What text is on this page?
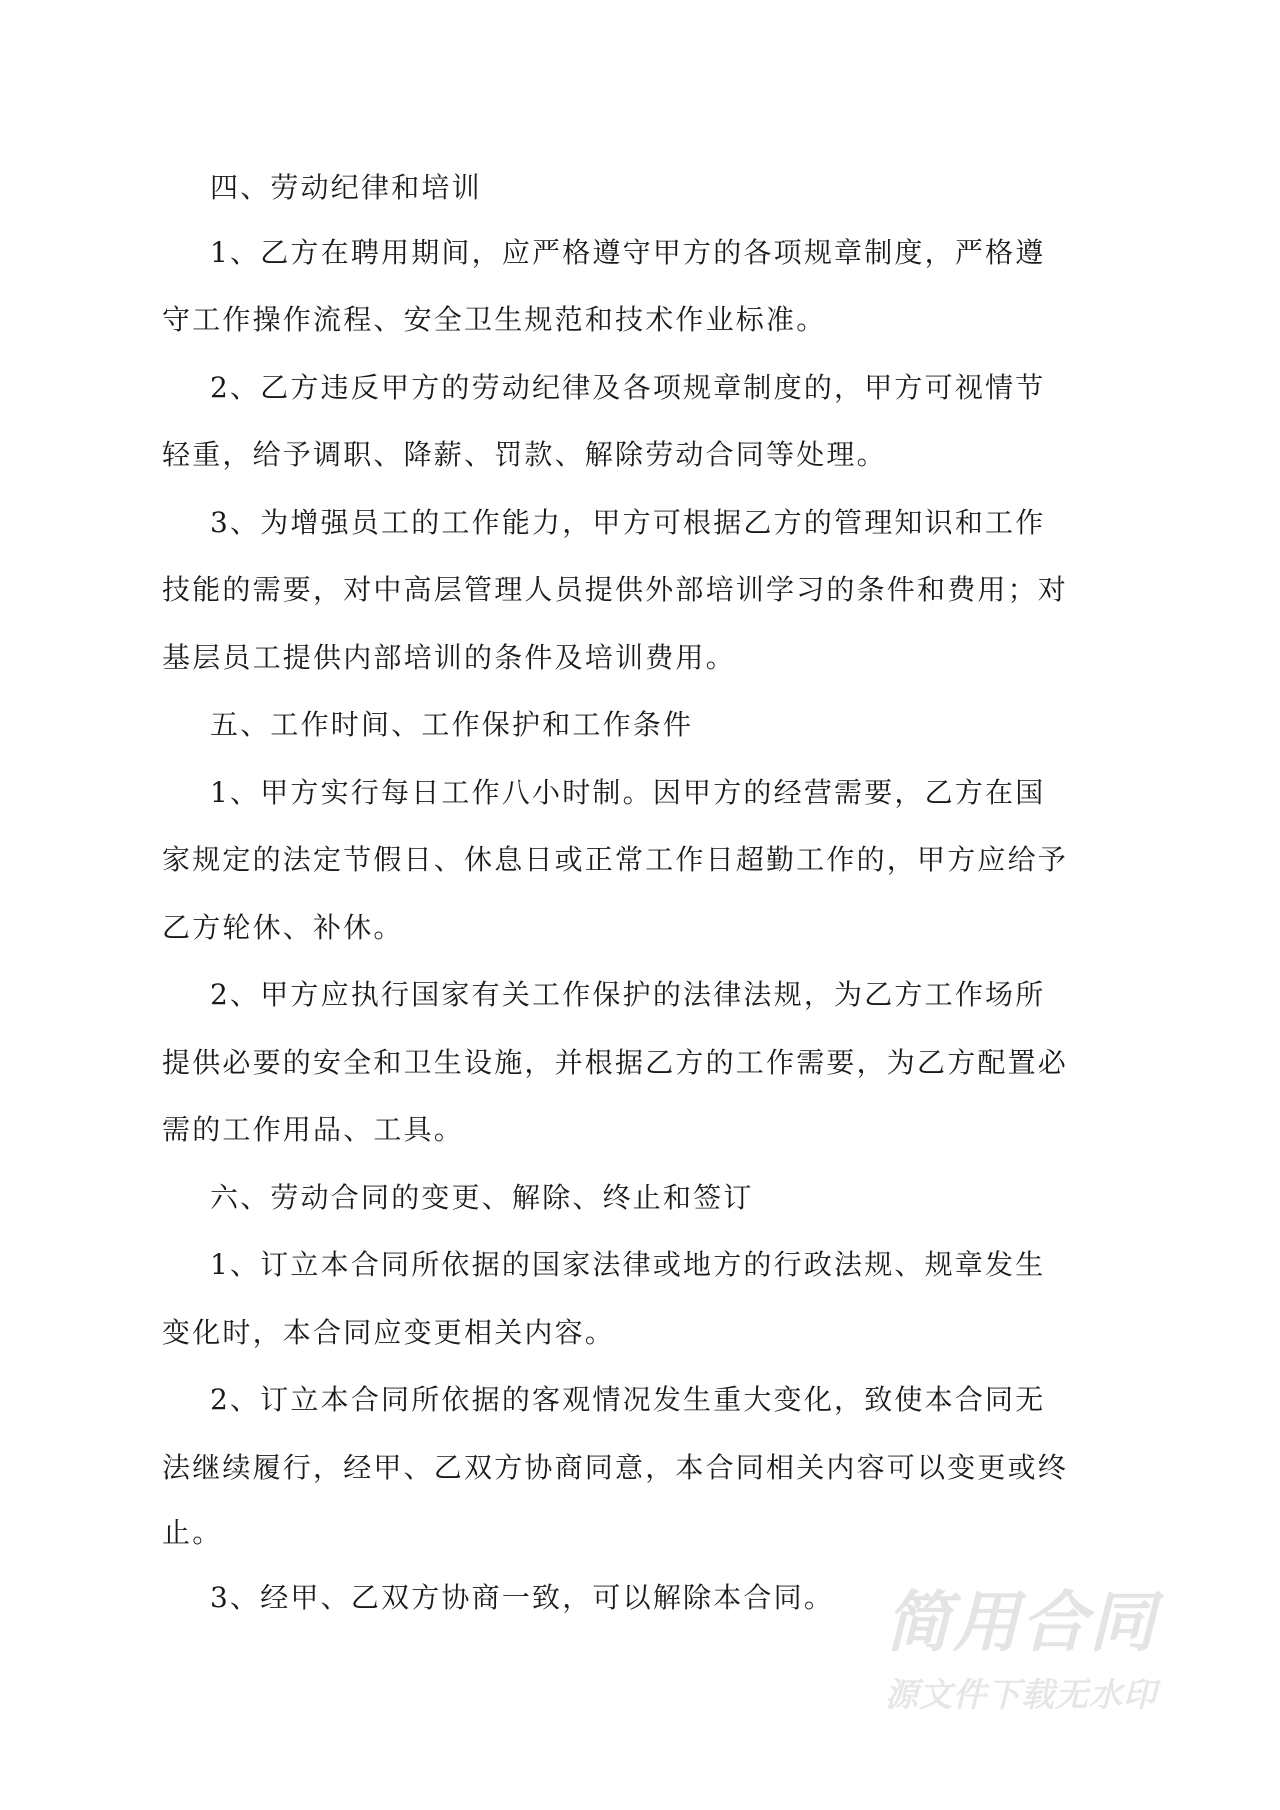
四、劳动纪律和培训
1、乙方在聘用期间，应严格遵守甲方的各项规章制度，严格遵
守工作操作流程、安全卫生规范和技术作业标准。
2、乙方违反甲方的劳动纪律及各项规章制度的，甲方可视情节
轻重，给予调职、降薪、罚款、解除劳动合同等处理。
3、为增强员工的工作能力，甲方可根据乙方的管理知识和工作
技能的需要，对中高层管理人员提供外部培训学习的条件和费用；对
基层员工提供内部培训的条件及培训费用。
五、工作时间、工作保护和工作条件
1、甲方实行每日工作八小时制。因甲方的经营需要，乙方在国
家规定的法定节假日、休息日或正常工作日超勤工作的，甲方应给予
乙方轮休、补休。
2、甲方应执行国家有关工作保护的法律法规，为乙方工作场所
提供必要的安全和卫生设施，并根据乙方的工作需要，为乙方配置必
需的工作用品、工具。
六、劳动合同的变更、解除、终止和签订
1、订立本合同所依据的国家法律或地方的行政法规、规章发生
变化时，本合同应变更相关内容。
2、订立本合同所依据的客观情况发生重大变化，致使本合同无
法继续履行，经甲、乙双方协商同意，本合同相关内容可以变更或终
止。
3、经甲、乙双方协商一致，可以解除本合同。 简用合同
源文件下载无水印
